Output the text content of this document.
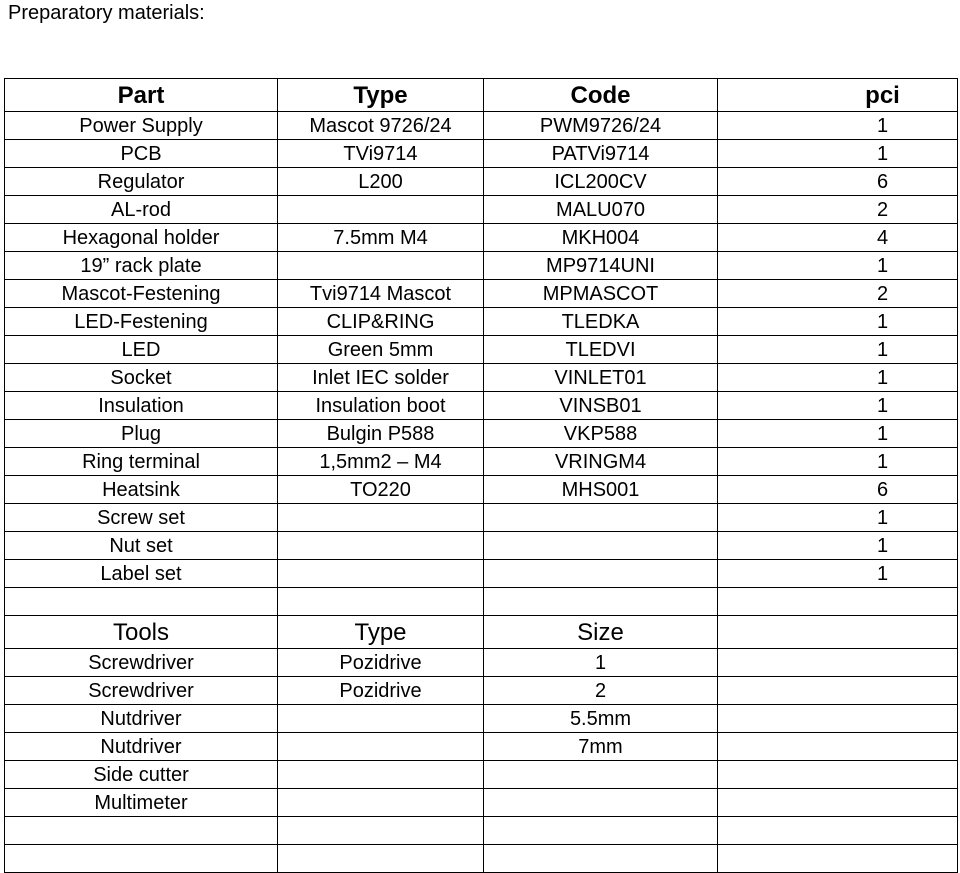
Preparatory materials:
Part	Type	Code	pci
Power Supply	Mascot 9726/24	PWM9726/24	1
PCB	TVi9714	PATVi9714	1
Regulator	L200	ICL200CV	6
AL-rod		MALU070	2
Hexagonal holder	7.5mm M4	MKH004	4
19” rack plate		MP9714UNI	1
Mascot-Festening	Tvi9714 Mascot	MPMASCOT	2
LED-Festening	CLIP&RING	TLEDKA	1
LED	Green 5mm	TLEDVI	1
Socket	Inlet IEC solder	VINLET01	1
Insulation	Insulation boot	VINSB01	1
Plug	Bulgin P588	VKP588	1
Ring terminal	1,5mm2 – M4	VRINGM4	1
Heatsink	TO220	MHS001	6
Screw set			1
Nut set			1
Label set			1

Tools	Type	Size	
Screwdriver	Pozidrive	1	
Screwdriver	Pozidrive	2	
Nutdriver		5.5mm	
Nutdriver		7mm	
Side cutter			
Multimeter			
